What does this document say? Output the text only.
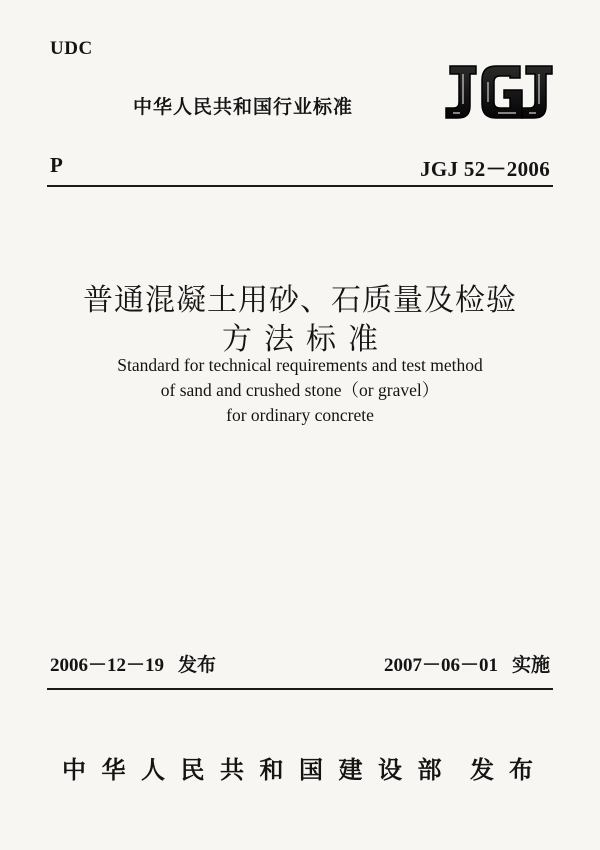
UDC
中华人民共和国行业标准
P	JGJ 52－2006
普通混凝土用砂、石质量及检验
方法标准
Standard for technical requirements and test method
of sand and crushed stone（or gravel）
for ordinary concrete
2006－12－19 发布	2007－06－01 实施
中华人民共和国建设部 发布
